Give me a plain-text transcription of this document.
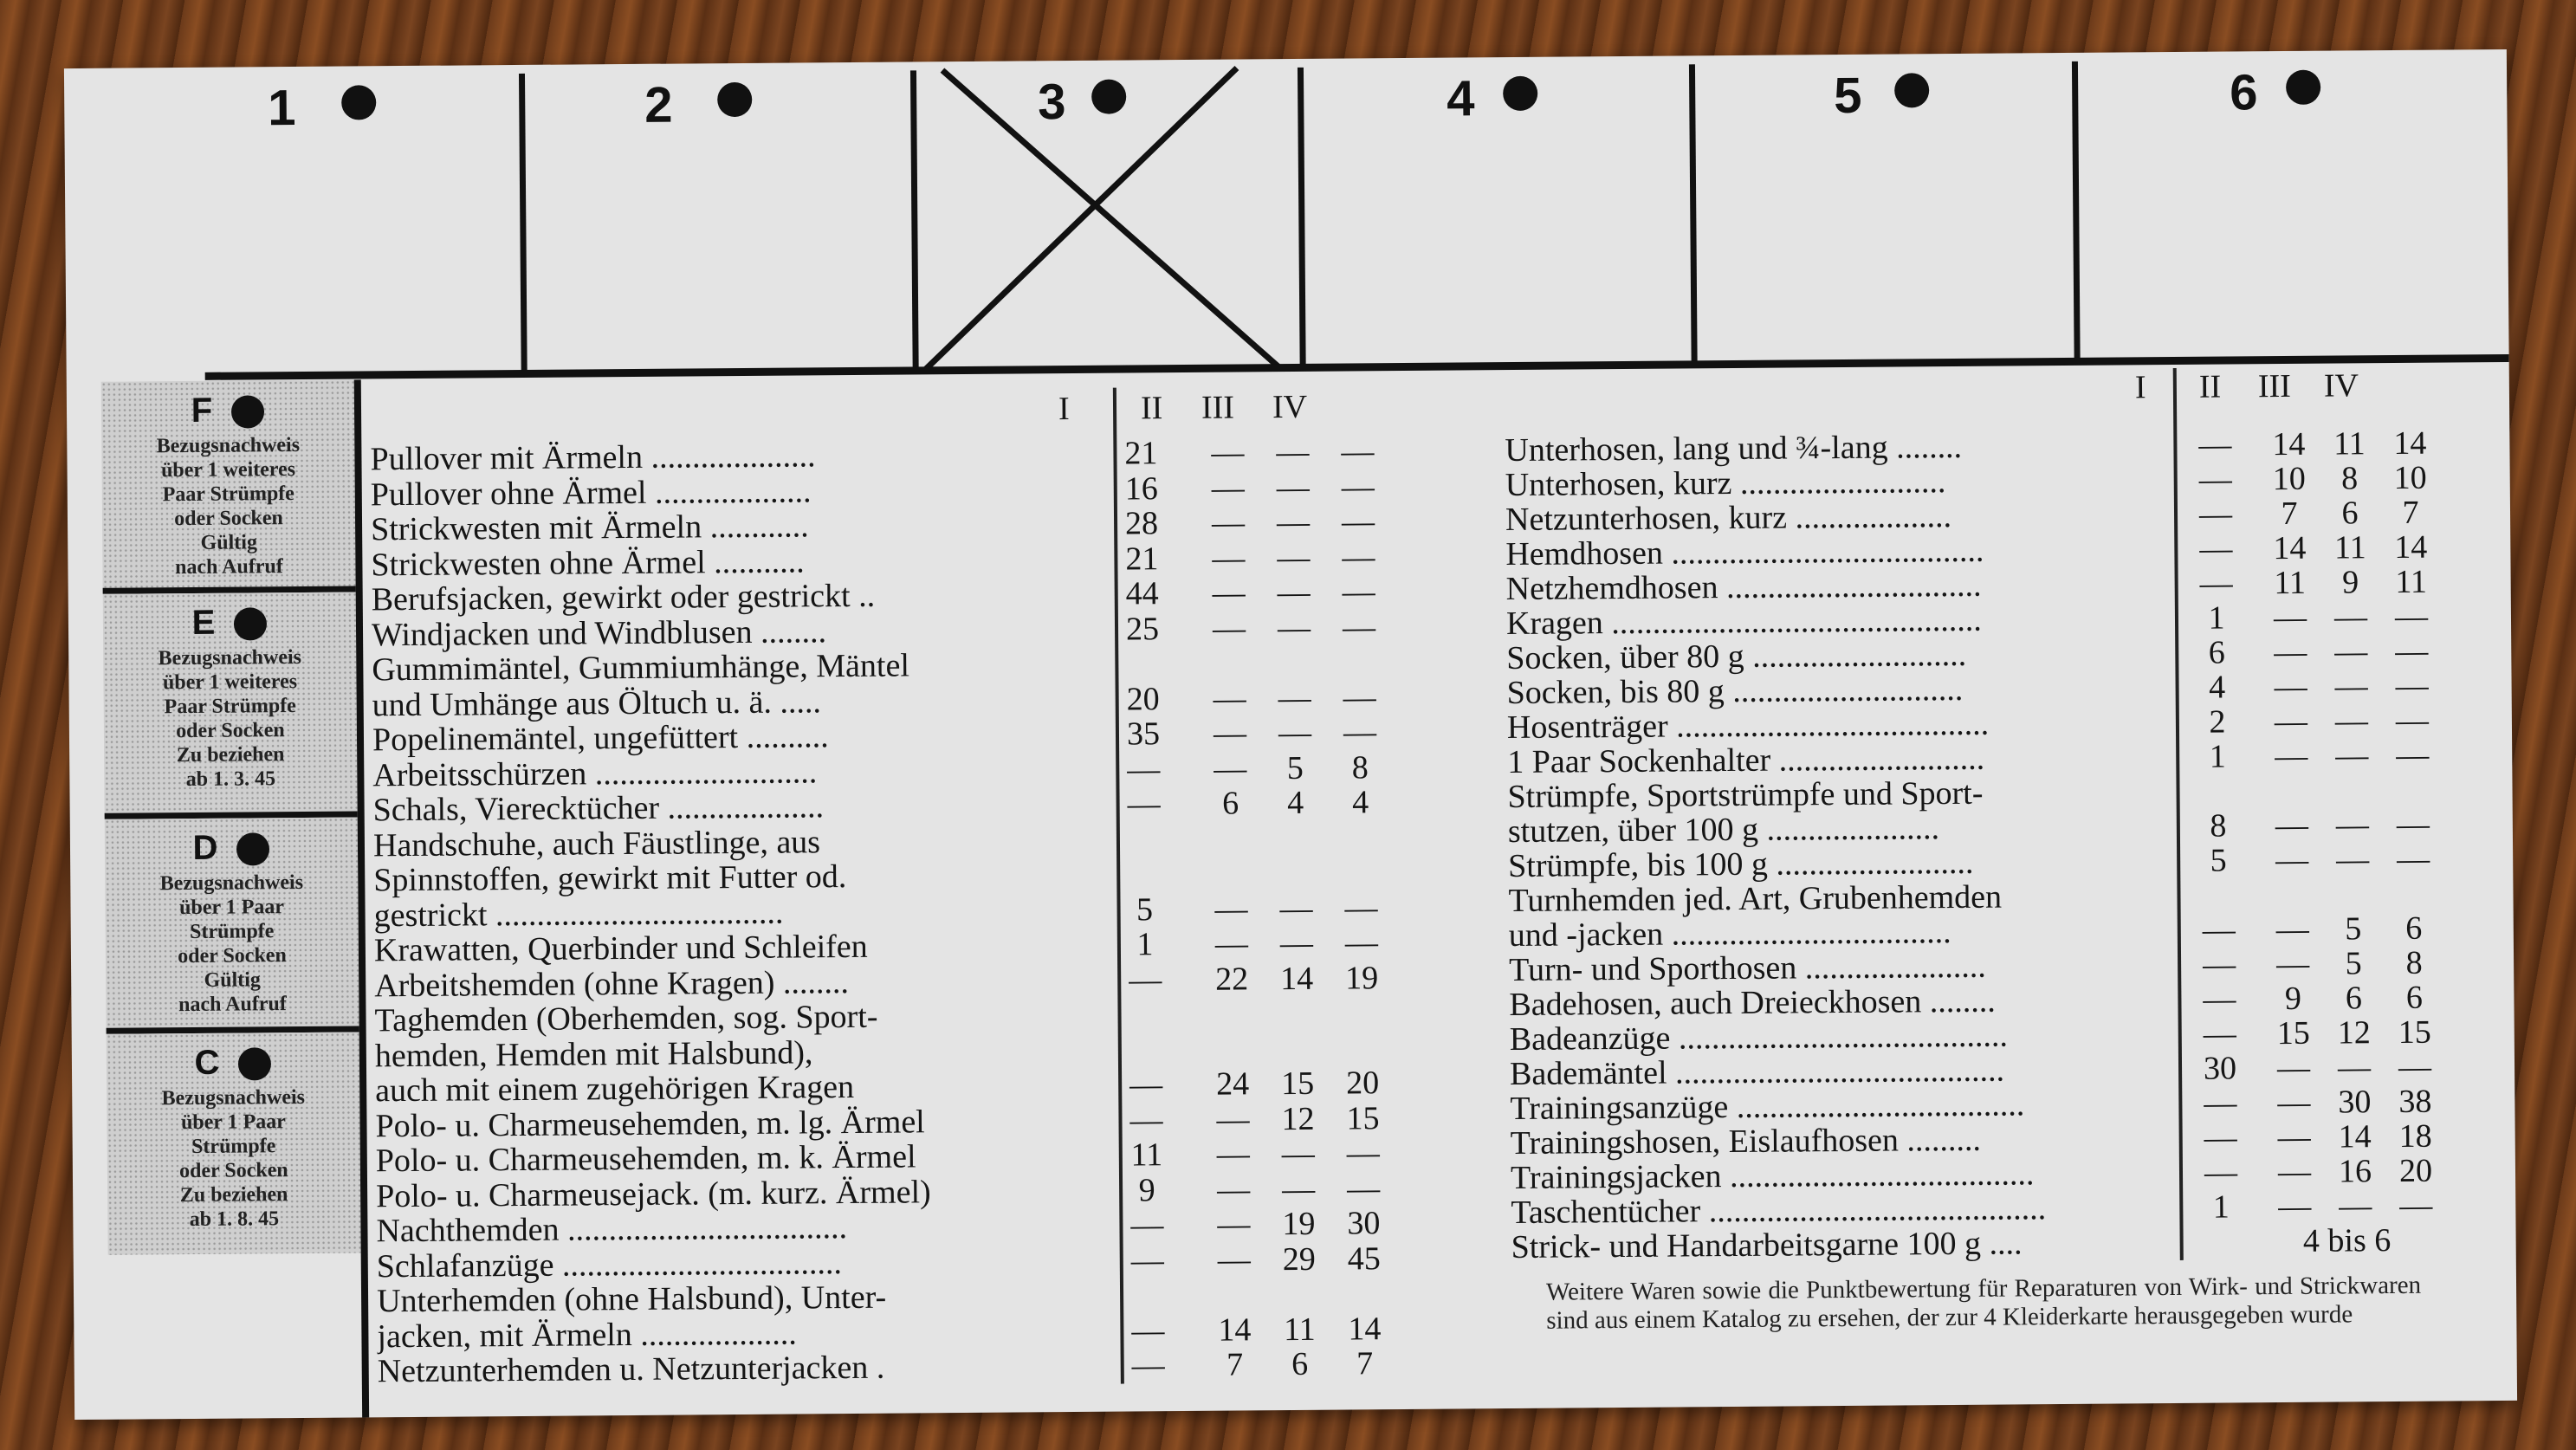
1	2	3	4	5	6
F
Bezugsnachweis
über 1 weiteres
Paar Strümpfe
oder Socken
Gültig
nach Aufruf
E
Bezugsnachweis
über 1 weiteres
Paar Strümpfe
oder Socken
Zu beziehen
ab 1. 3. 45
D
Bezugsnachweis
über 1 Paar
Strümpfe
oder Socken
Gültig
nach Aufruf
C
Bezugsnachweis
über 1 Paar
Strümpfe
oder Socken
Zu beziehen
ab 1. 8. 45
I II III IV
I II III IV
Pullover mit Ärmeln ....................	21 — — —
Pullover ohne Ärmel ...................	16 — — —
Strickwesten mit Ärmeln ............	28 — — —
Strickwesten ohne Ärmel ...........	21 — — —
Berufsjacken, gewirkt oder gestrickt ..	44 — — —
Windjacken und Windblusen ........	25 — — —
Gummimäntel, Gummiumhänge, Mäntel
und Umhänge aus Öltuch u. ä. .....	20 — — —
Popelinemäntel, ungefüttert ..........	35 — — —
Arbeitsschürzen ...........................	— —	5	8
Schals, Vierecktücher ...................	—	6	4	4
Handschuhe, auch Fäustlinge, aus
Spinnstoffen, gewirkt mit Futter od.
gestrickt ...................................	5	— — —
Krawatten, Querbinder und Schleifen	1	— — —
Arbeitshemden (ohne Kragen) ........	— 22 14 19
Taghemden (Oberhemden, sog. Sport-
hemden, Hemden mit Halsbund),
auch mit einem zugehörigen Kragen	— 24 15 20
Polo- u. Charmeusehemden, m. lg. Ärmel	— — 12 15
Polo- u. Charmeusehemden, m. k. Ärmel	11	— — —
Polo- u. Charmeusejack. (m. kurz. Ärmel)	9	— — —
Nachthemden ..................................	— — 19 30
Schlafanzüge ..................................	— — 29 45
Unterhemden (ohne Halsbund), Unter-
jacken, mit Ärmeln ...................	— 14 11 14
Netzunterhemden u. Netzunterjacken .	—	7	6	7
Unterhosen, lang und ¾-lang ........	— 14 11 14
Unterhosen, kurz .........................	— 10	8	10
Netzunterhosen, kurz ...................	—	7	6	7
Hemdhosen ......................................	— 14 11 14
Netzhemdhosen ...............................	—	11	9	11
Kragen .............................................	1	— — —
Socken, über 80 g ..........................	6	— — —
Socken, bis 80 g ............................	4	— — —
Hosenträger ......................................	2	— — —
1 Paar Sockenhalter .........................	1	— — —
Strümpfe, Sportstrümpfe und Sport-
stutzen, über 100 g .....................	8	— — —
Strümpfe, bis 100 g ........................	5	— — —
Turnhemden jed. Art, Grubenhemden
und -jacken ..................................	— —	5	6
Turn- und Sporthosen ......................	— —	5	8
Badehosen, auch Dreieckhosen ........	—	9	6	6
Badeanzüge ........................................	— 15 12 15
Bademäntel ........................................	30 — — —
Trainingsanzüge ...................................	— — 30 38
Trainingshosen, Eislaufhosen .........	— — 14 18
Trainingsjacken .....................................	— — 16 20
Taschentücher .........................................	1	— — —
Strick- und Handarbeitsgarne 100 g ....	4 bis 6
Weitere Waren sowie die Punktbewertung für Reparaturen von Wirk- und Strickwaren sind aus einem Katalog zu ersehen, der zur 4 Kleiderkarte herausgegeben wurde
